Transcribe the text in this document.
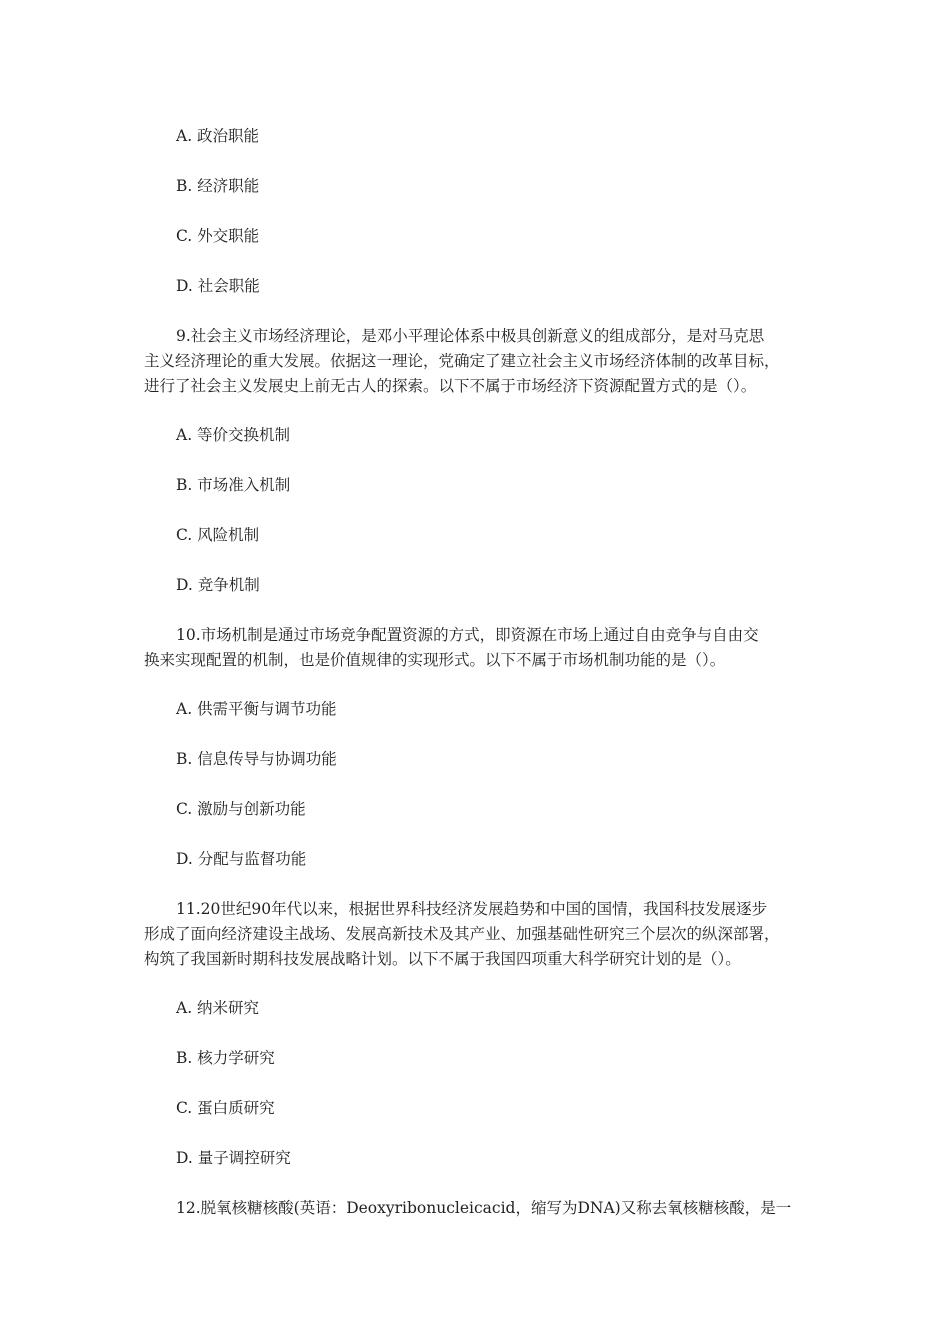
A. 政治职能
B. 经济职能
C. 外交职能
D. 社会职能
9.社会主义市场经济理论，是邓小平理论体系中极具创新意义的组成部分，是对马克思
主义经济理论的重大发展。依据这一理论，党确定了建立社会主义市场经济体制的改革目标，
进行了社会主义发展史上前无古人的探索。以下不属于市场经济下资源配置方式的是（）。
A. 等价交换机制
B. 市场准入机制
C. 风险机制
D. 竞争机制
10.市场机制是通过市场竞争配置资源的方式，即资源在市场上通过自由竞争与自由交
换来实现配置的机制，也是价值规律的实现形式。以下不属于市场机制功能的是（）。
A. 供需平衡与调节功能
B. 信息传导与协调功能
C. 激励与创新功能
D. 分配与监督功能
11.20世纪90年代以来，根据世界科技经济发展趋势和中国的国情，我国科技发展逐步
形成了面向经济建设主战场、发展高新技术及其产业、加强基础性研究三个层次的纵深部署，
构筑了我国新时期科技发展战略计划。以下不属于我国四项重大科学研究计划的是（）。
A. 纳米研究
B. 核力学研究
C. 蛋白质研究
D. 量子调控研究
12.脱氧核糖核酸(英语：Deoxyribonucleicacid，缩写为DNA)又称去氧核糖核酸，是一
